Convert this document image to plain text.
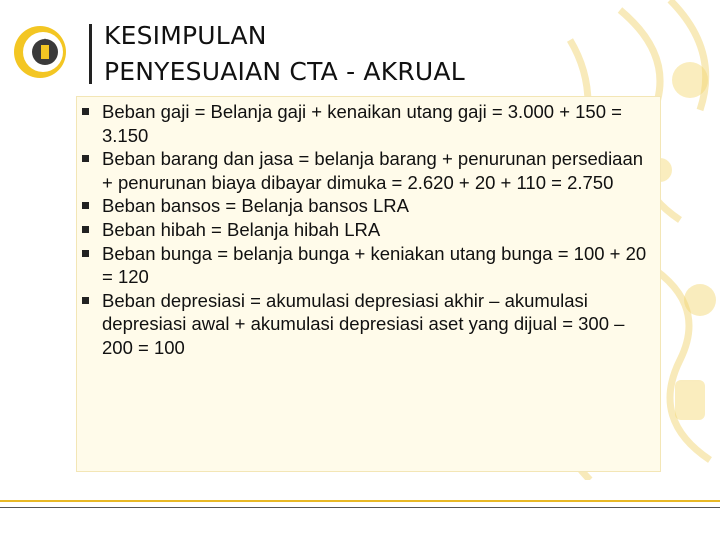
KESIMPULAN
PENYESUAIAN CTA - AKRUAL
Beban gaji = Belanja gaji + kenaikan utang gaji = 3.000 + 150 = 3.150
Beban barang dan jasa = belanja barang + penurunan persediaan + penurunan biaya dibayar dimuka = 2.620 + 20 + 110 = 2.750
Beban bansos = Belanja bansos LRA
Beban hibah = Belanja hibah LRA
Beban bunga = belanja bunga + keniakan utang bunga = 100 + 20 = 120
Beban depresiasi = akumulasi depresiasi akhir – akumulasi depresiasi awal + akumulasi depresiasi aset yang dijual = 300 – 200 = 100
